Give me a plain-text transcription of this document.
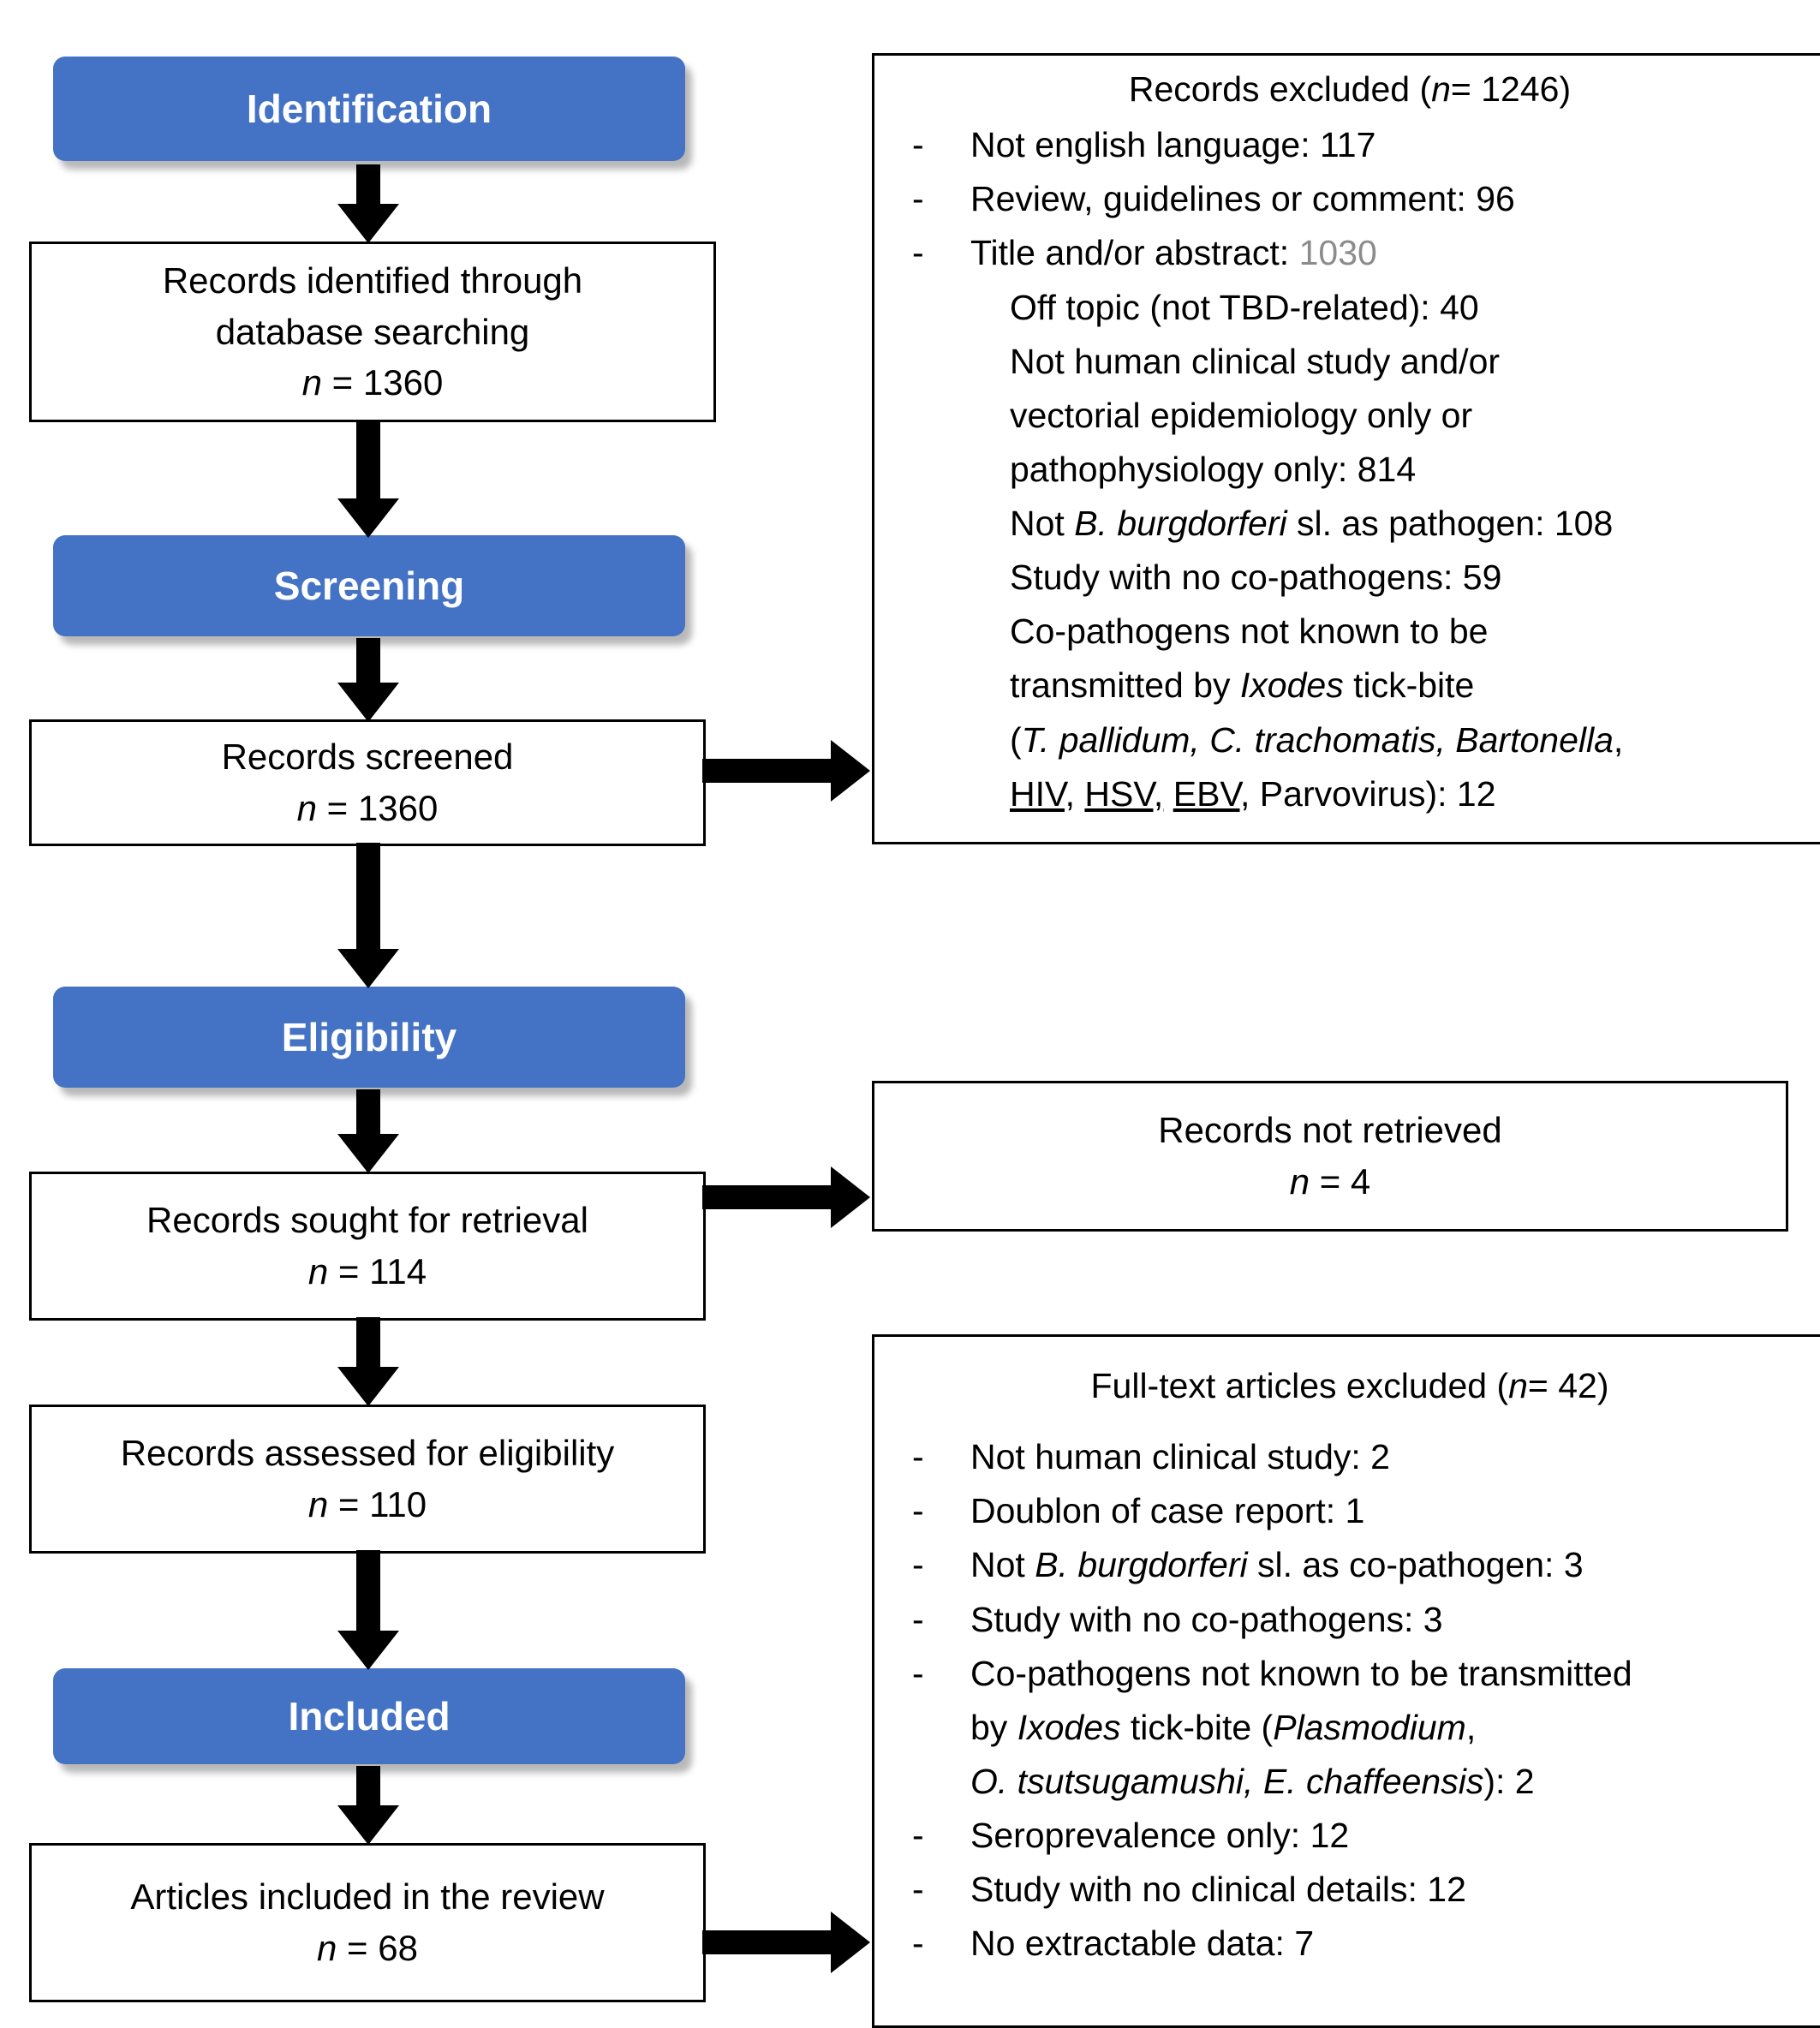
Identification
Screening
Eligibility
Included
Records identified through
database searching
n = 1360
Records screened
n = 1360
Records sought for retrieval
n = 114
Records assessed for eligibility
n = 110
Articles included in the review
n = 68
Records excluded (n= 1246)
- Not english language: 117
- Review, guidelines or comment: 96
- Title and/or abstract: 1030
Off topic (not TBD-related): 40
Not human clinical study and/or
vectorial epidemiology only or
pathophysiology only: 814
Not B. burgdorferi sl. as pathogen: 108
Study with no co-pathogens: 59
Co-pathogens not known to be
transmitted by Ixodes tick-bite
(T. pallidum, C. trachomatis, Bartonella,
HIV, HSV, EBV, Parvovirus): 12
Records not retrieved
n = 4
Full-text articles excluded (n= 42)
- Not human clinical study: 2
- Doublon of case report: 1
- Not B. burgdorferi sl. as co-pathogen: 3
- Study with no co-pathogens: 3
- Co-pathogens not known to be transmitted
by Ixodes tick-bite (Plasmodium,
O. tsutsugamushi, E. chaffeensis): 2
- Seroprevalence only: 12
- Study with no clinical details: 12
- No extractable data: 7
